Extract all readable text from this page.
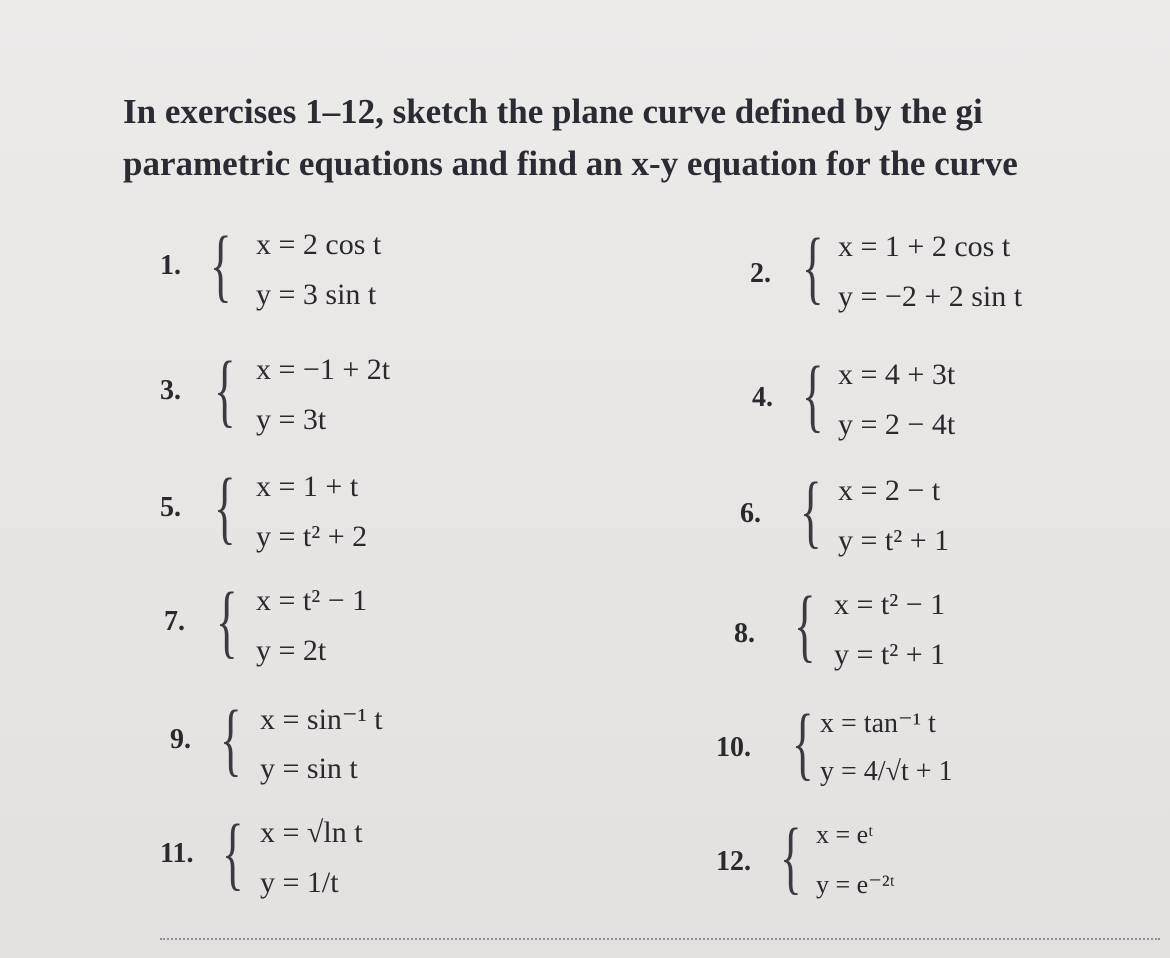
In exercises 1–12, sketch the plane curve defined by the gi
parametric equations and find an x-y equation for the curve
1. { x = 2 cos t
y = 3 sin t
2. { x = 1 + 2 cos t
y = −2 + 2 sin t
3. { x = −1 + 2t
y = 3t
4. { x = 4 + 3t
y = 2 − 4t
5. { x = 1 + t
y = t² + 2
6. { x = 2 − t
y = t² + 1
7. { x = t² − 1
y = 2t
8. { x = t² − 1
y = t² + 1
9. { x = sin⁻¹ t
y = sin t
10. { x = tan⁻¹ t
y = 4/√t + 1
11. { x = √ln t
y = 1/t
12. { x = eᵗ
y = e⁻²ᵗ
